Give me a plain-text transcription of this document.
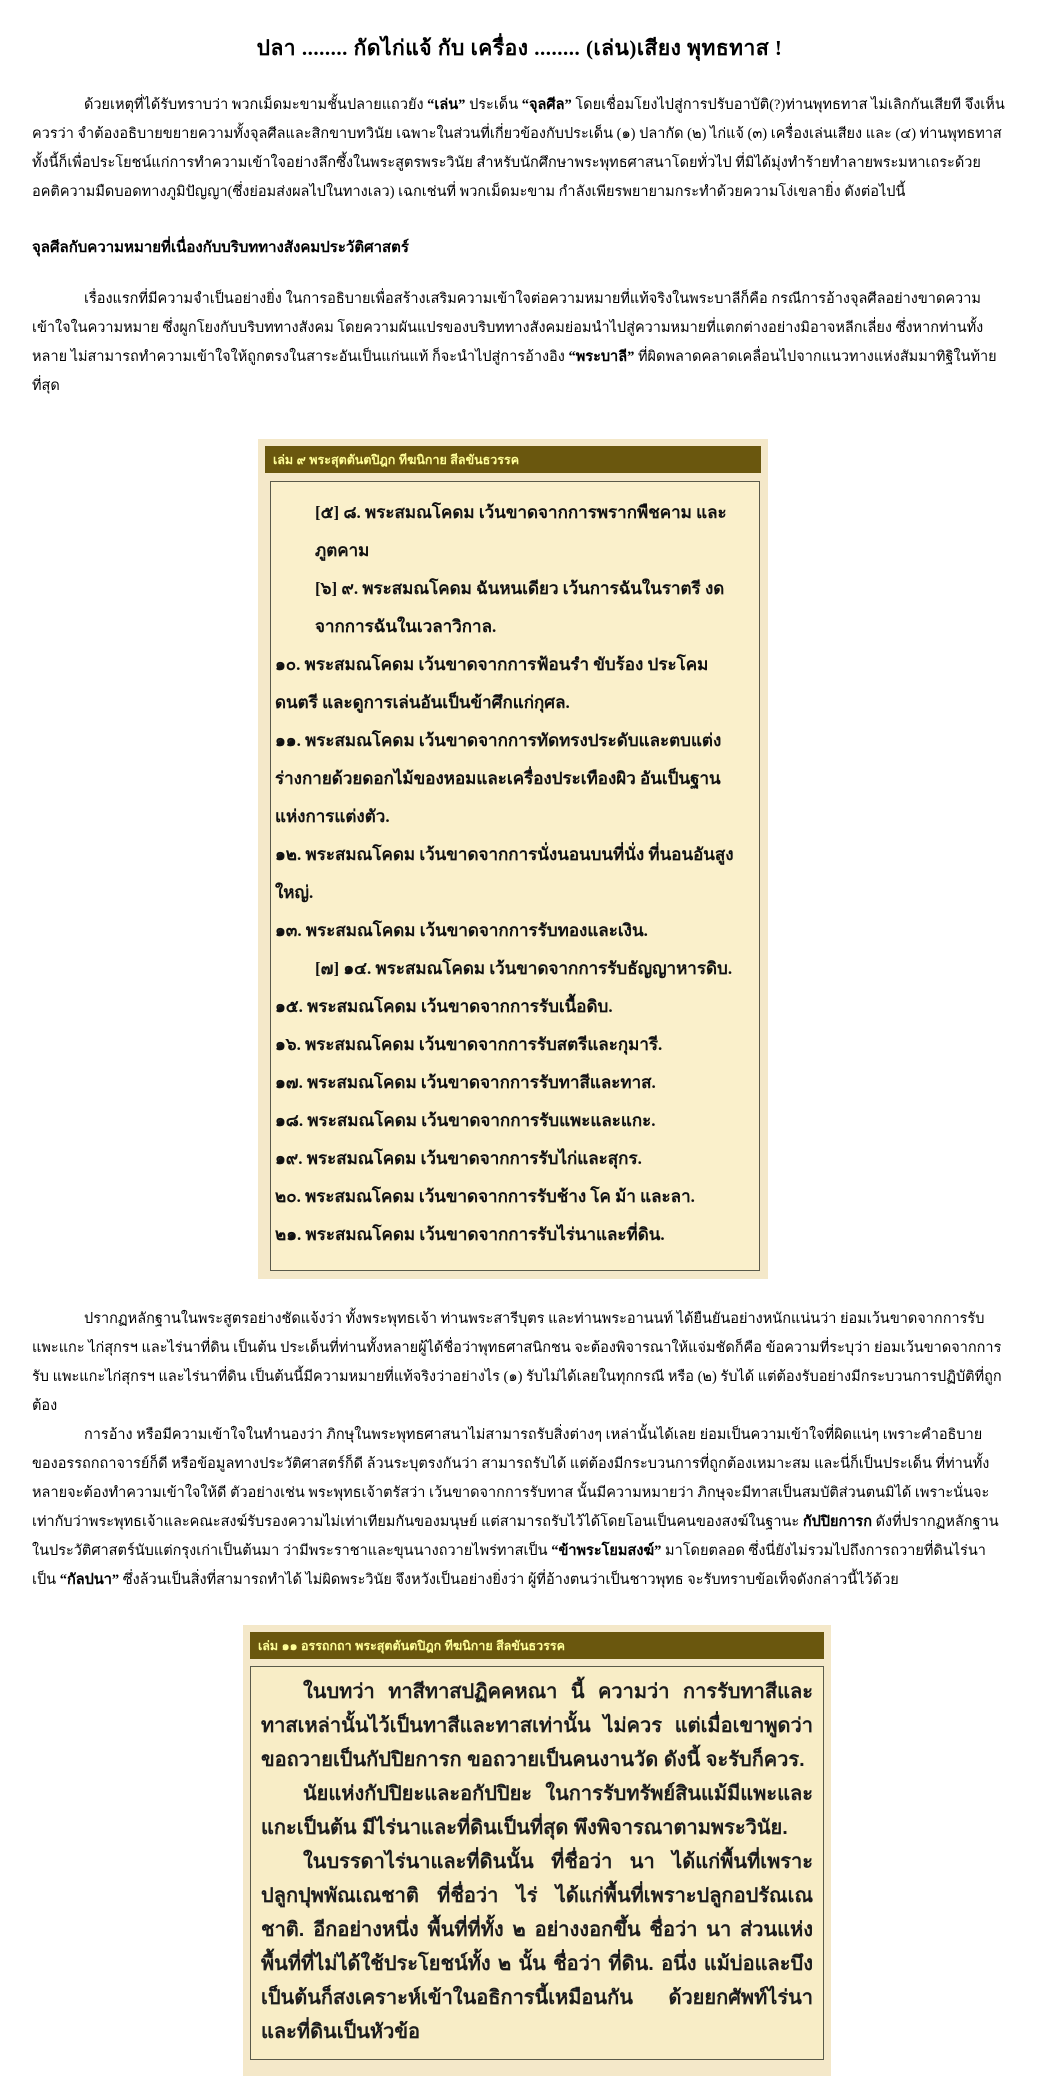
ปลา ........ กัดไก่แจ้ กับ เครื่อง ........ (เล่น)เสียง พุทธทาส !

ด้วยเหตุที่ได้รับทราบว่า พวกเม็ดมะขามชั้นปลายแถวยัง “เล่น” ประเด็น “จุลศีล” โดยเชื่อมโยงไปสู่การปรับอาบัติ(?)ท่านพุทธทาส ไม่เลิกกันเสียที จึงเห็นควรว่า จำต้องอธิบายขยายความทั้งจุลศีลและสิกขาบทวินัย เฉพาะในส่วนที่เกี่ยวข้องกับประเด็น (๑) ปลากัด (๒) ไก่แจ้ (๓) เครื่องเล่นเสียง และ (๔) ท่านพุทธทาส ทั้งนี้ก็เพื่อประโยชน์แก่การทำความเข้าใจอย่างลึกซึ้งในพระสูตรพระวินัย สำหรับนักศึกษาพระพุทธศาสนาโดยทั่วไป ที่มิได้มุ่งทำร้ายทำลายพระมหาเถระด้วยอคติความมืดบอดทางภูมิปัญญา(ซึ่งย่อมส่งผลไปในทางเลว) เฉกเช่นที่ พวกเม็ดมะขาม กำลังเพียรพยายามกระทำด้วยความโง่เขลายิ่ง ดังต่อไปนี้

จุลศีลกับความหมายที่เนื่องกับบริบททางสังคมประวัติศาสตร์

เรื่องแรกที่มีความจำเป็นอย่างยิ่ง ในการอธิบายเพื่อสร้างเสริมความเข้าใจต่อความหมายที่แท้จริงในพระบาลีก็คือ กรณีการอ้างจุลศีลอย่างขาดความเข้าใจในความหมาย ซึ่งผูกโยงกับบริบททางสังคม โดยความผันแปรของบริบททางสังคมย่อมนำไปสู่ความหมายที่แตกต่างอย่างมิอาจหลีกเลี่ยง ซึ่งหากท่านทั้งหลาย ไม่สามารถทำความเข้าใจให้ถูกตรงในสาระอันเป็นแก่นแท้ ก็จะนำไปสู่การอ้างอิง “พระบาลี” ที่ผิดพลาดคลาดเคลื่อนไปจากแนวทางแห่งสัมมาทิฐิในท้ายที่สุด

เล่ม ๙ พระสุตตันตปิฎก ทีฆนิกาย สีลขันธวรรค
[๕] ๘. พระสมณโคดม เว้นขาดจากการพรากพืชคาม และภูตคาม
[๖] ๙. พระสมณโคดม ฉันหนเดียว เว้นการฉันในราตรี งดจากการฉันในเวลาวิกาล.
๑๐. พระสมณโคดม เว้นขาดจากการฟ้อนรำ ขับร้อง ประโคมดนตรี และดูการเล่นอันเป็นข้าศึกแก่กุศล.
๑๑. พระสมณโคดม เว้นขาดจากการทัดทรงประดับและตบแต่งร่างกายด้วยดอกไม้ของหอมและเครื่องประเทืองผิว อันเป็นฐานแห่งการแต่งตัว.
๑๒. พระสมณโคดม เว้นขาดจากการนั่งนอนบนที่นั่ง ที่นอนอันสูงใหญ่.
๑๓. พระสมณโคดม เว้นขาดจากการรับทองและเงิน.
[๗] ๑๔. พระสมณโคดม เว้นขาดจากการรับธัญญาหารดิบ.
๑๕. พระสมณโคดม เว้นขาดจากการรับเนื้อดิบ.
๑๖. พระสมณโคดม เว้นขาดจากการรับสตรีและกุมารี.
๑๗. พระสมณโคดม เว้นขาดจากการรับทาสีและทาส.
๑๘. พระสมณโคดม เว้นขาดจากการรับแพะและแกะ.
๑๙. พระสมณโคดม เว้นขาดจากการรับไก่และสุกร.
๒๐. พระสมณโคดม เว้นขาดจากการรับช้าง โค ม้า และลา.
๒๑. พระสมณโคดม เว้นขาดจากการรับไร่นาและที่ดิน.

ปรากฏหลักฐานในพระสูตรอย่างชัดแจ้งว่า ทั้งพระพุทธเจ้า ท่านพระสารีบุตร และท่านพระอานนท์ ได้ยืนยันอย่างหนักแน่นว่า ย่อมเว้นขาดจากการรับ แพะแกะ ไก่สุกรฯ และไร่นาที่ดิน เป็นต้น ประเด็นที่ท่านทั้งหลายผู้ได้ชื่อว่าพุทธศาสนิกชน จะต้องพิจารณาให้แจ่มชัดก็คือ ข้อความที่ระบุว่า ย่อมเว้นขาดจากการรับ แพะแกะไก่สุกรฯ และไร่นาที่ดิน เป็นต้นนี้มีความหมายที่แท้จริงว่าอย่างไร (๑) รับไม่ได้เลยในทุกกรณี หรือ (๒) รับได้ แต่ต้องรับอย่างมีกระบวนการปฏิบัติที่ถูกต้อง

การอ้าง หรือมีความเข้าใจในทำนองว่า ภิกษุในพระพุทธศาสนาไม่สามารถรับสิ่งต่างๆ เหล่านั้นได้เลย ย่อมเป็นความเข้าใจที่ผิดแน่ๆ เพราะคำอธิบายของอรรถกถาจารย์ก็ดี หรือข้อมูลทางประวัติศาสตร์ก็ดี ล้วนระบุตรงกันว่า สามารถรับได้ แต่ต้องมีกระบวนการที่ถูกต้องเหมาะสม และนี่ก็เป็นประเด็น ที่ท่านทั้งหลายจะต้องทำความเข้าใจให้ดี ตัวอย่างเช่น พระพุทธเจ้าตรัสว่า เว้นขาดจากการรับทาส นั้นมีความหมายว่า ภิกษุจะมีทาสเป็นสมบัติส่วนตนมิได้ เพราะนั่นจะเท่ากับว่าพระพุทธเจ้าและคณะสงฆ์รับรองความไม่เท่าเทียมกันของมนุษย์ แต่สามารถรับไว้ได้โดยโอนเป็นคนของสงฆ์ในฐานะ กัปปิยการก ดังที่ปรากฏหลักฐานในประวัติศาสตร์นับแต่กรุงเก่าเป็นต้นมา ว่ามีพระราชาและขุนนางถวายไพร่ทาสเป็น “ข้าพระโยมสงฆ์” มาโดยตลอด ซึ่งนี่ยังไม่รวมไปถึงการถวายที่ดินไร่นาเป็น “กัลปนา” ซึ่งล้วนเป็นสิ่งที่สามารถทำได้ ไม่ผิดพระวินัย จึงหวังเป็นอย่างยิ่งว่า ผู้ที่อ้างตนว่าเป็นชาวพุทธ จะรับทราบข้อเท็จดังกล่าวนี้ไว้ด้วย

เล่ม ๑๑ อรรถกถา พระสุตตันตปิฎก ทีฆนิกาย สีลขันธวรรค

ในบทว่า ทาสีทาสปฏิคคหณา นี้ ความว่า การรับทาสีและทาสเหล่านั้นไว้เป็นทาสีและทาสเท่านั้น ไม่ควร แต่เมื่อเขาพูดว่า ขอถวายเป็นกัปปิยการก ขอถวายเป็นคนงานวัด ดังนี้ จะรับก็ควร.

นัยแห่งกัปปิยะและอกัปปิยะ ในการรับทรัพย์สินแม้มีแพะและแกะเป็นต้น มีไร่นาและที่ดินเป็นที่สุด พึงพิจารณาตามพระวินัย.

ในบรรดาไร่นาและที่ดินนั้น ที่ชื่อว่า นา ได้แก่พื้นที่เพราะปลูกปุพพัณเณชาติ ที่ชื่อว่า ไร่ ได้แก่พื้นที่เพราะปลูกอปรัณเณชาติ. อีกอย่างหนึ่ง พื้นที่ที่ทั้ง ๒ อย่างงอกขึ้น ชื่อว่า นา ส่วนแห่งพื้นที่ที่ไม่ได้ใช้ประโยชน์ทั้ง ๒ นั้น ชื่อว่า ที่ดิน. อนึ่ง แม้บ่อและบึงเป็นต้นก็สงเคราะห์เข้าในอธิการนี้เหมือนกัน ด้วยยกศัพท์ไร่นาและที่ดินเป็นหัวข้อ
